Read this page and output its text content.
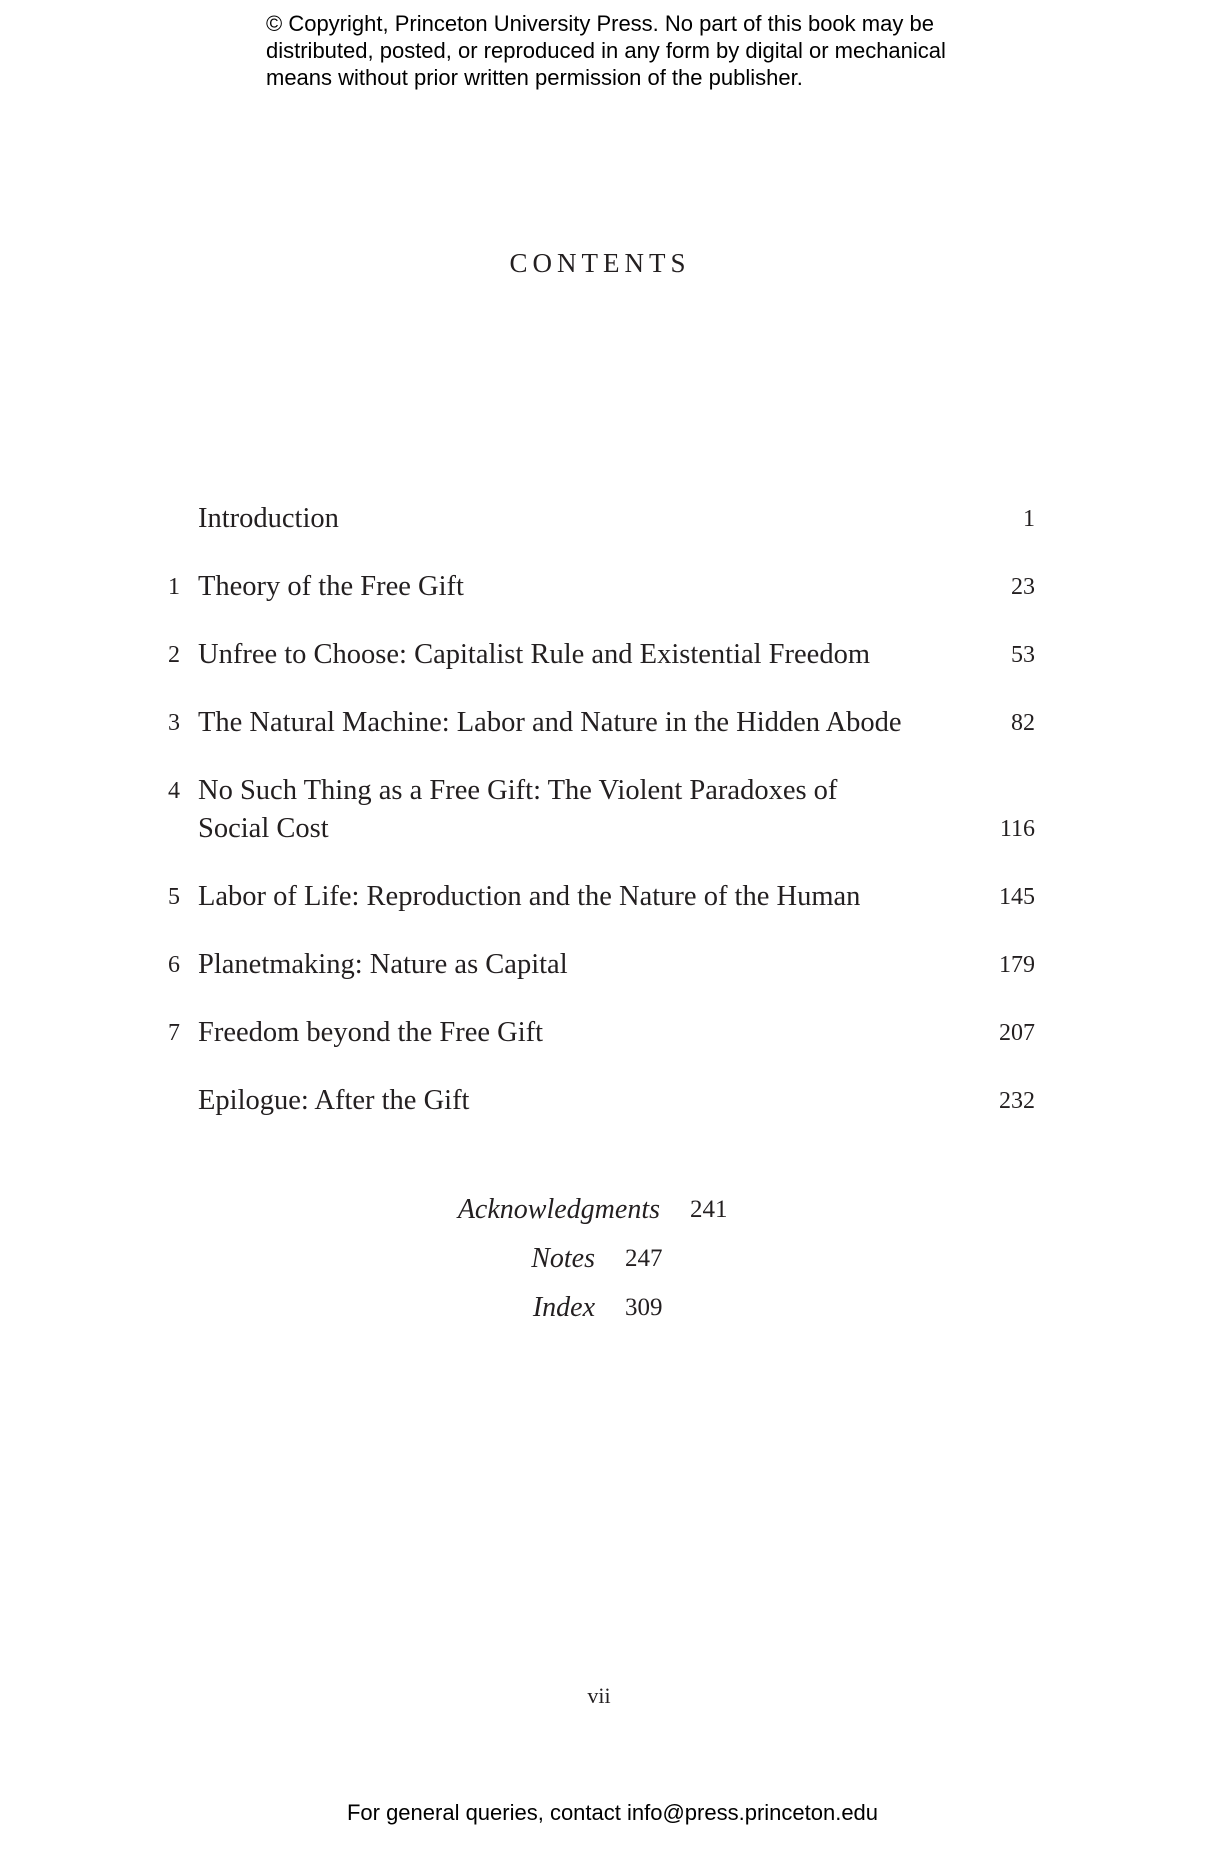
© Copyright, Princeton University Press. No part of this book may be
distributed, posted, or reproduced in any form by digital or mechanical
means without prior written permission of the publisher.
CONTENTS
Introduction	1
1 Theory of the Free Gift	23
2 Unfree to Choose: Capitalist Rule and Existential Freedom	53
3 The Natural Machine: Labor and Nature in the Hidden Abode	82
4 No Such Thing as a Free Gift: The Violent Paradoxes of
Social Cost	116
5 Labor of Life: Reproduction and the Nature of the Human	145
6 Planetmaking: Nature as Capital	179
7 Freedom beyond the Free Gift	207
Epilogue: After the Gift	232
Acknowledgments 241
Notes 247
Index 309
vii
For general queries, contact info@press.princeton.edu
